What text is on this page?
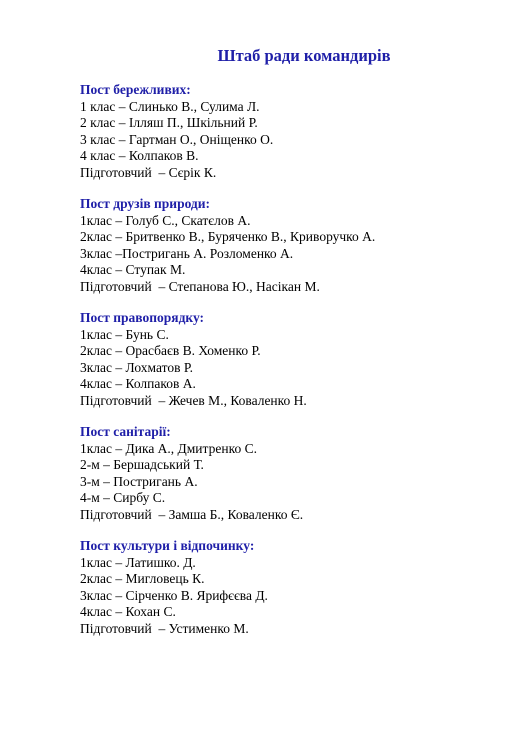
Штаб ради командирів

Пост бережливих:

1 клас – Слинько В., Сулима Л.

2 клас – Ілляш П., Шкільний Р.

3 клас – Гартман О., Оніщенко О.

4 клас – Колпаков В.

Підготовчий  – Сєрік К.

Пост друзів природи:

1клас – Голуб С., Скатєлов А.

2клас – Бритвенко В., Буряченко В., Криворучко А.

3клас –Постригань А. Розломенко А.

4клас – Ступак М.

Підготовчий  – Степанова Ю., Насікан М.

Пост правопорядку:

1клас – Бунь С.

2клас – Орасбаєв В. Хоменко Р.

3клас – Лохматов Р.

4клас – Колпаков А.

Підготовчий  – Жечев М., Коваленко Н.

Пост санітарії:

1клас – Дика А., Дмитренко С.

2-м – Бершадський Т.

3-м – Постригань А.

4-м – Сирбу С.

Підготовчий  – Замша Б., Коваленко Є.

Пост культури і відпочинку:

1клас – Латишко. Д.

2клас – Мигловець К.

3клас – Сірченко В. Ярифєєва Д.

4клас – Кохан С.

Підготовчий  – Устименко М.
